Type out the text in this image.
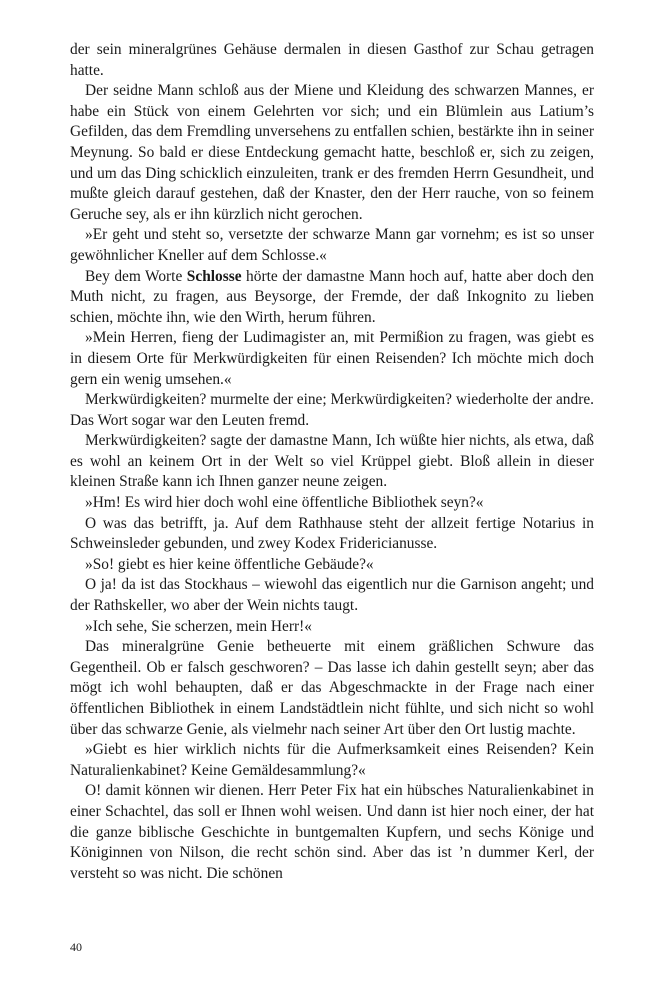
der sein mineralgrünes Gehäuse dermalen in diesen Gasthof zur Schau getragen hatte.

Der seidne Mann schloß aus der Miene und Kleidung des schwarzen Mannes, er habe ein Stück von einem Gelehrten vor sich; und ein Blümlein aus Latium’s Gefilden, das dem Fremdling unversehens zu entfallen schien, bestärkte ihn in seiner Meynung. So bald er diese Entdeckung gemacht hatte, beschloß er, sich zu zeigen, und um das Ding schicklich einzuleiten, trank er des fremden Herrn Gesundheit, und mußte gleich darauf gestehen, daß der Knaster, den der Herr rauche, von so feinem Geruche sey, als er ihn kürzlich nicht gerochen.

»Er geht und steht so, versetzte der schwarze Mann gar vornehm; es ist so unser gewöhnlicher Kneller auf dem Schlosse.«

Bey dem Worte Schlosse hörte der damastne Mann hoch auf, hatte aber doch den Muth nicht, zu fragen, aus Beysorge, der Fremde, der daß Inkognito zu lieben schien, möchte ihn, wie den Wirth, herum führen.

»Mein Herren, fieng der Ludimagister an, mit Permißion zu fragen, was giebt es in diesem Orte für Merkwürdigkeiten für einen Reisenden? Ich möchte mich doch gern ein wenig umsehen.«

Merkwürdigkeiten? murmelte der eine; Merkwürdigkeiten? wiederholte der andre. Das Wort sogar war den Leuten fremd.

Merkwürdigkeiten? sagte der damastne Mann, Ich wüßte hier nichts, als etwa, daß es wohl an keinem Ort in der Welt so viel Krüppel giebt. Bloß allein in dieser kleinen Straße kann ich Ihnen ganzer neune zeigen.

»Hm! Es wird hier doch wohl eine öffentliche Bibliothek seyn?«

O was das betrifft, ja. Auf dem Rathhause steht der allzeit fertige Notarius in Schweinsleder gebunden, und zwey Kodex Fridericianusse.

»So! giebt es hier keine öffentliche Gebäude?«

O ja! da ist das Stockhaus – wiewohl das eigentlich nur die Garnison angeht; und der Rathskeller, wo aber der Wein nichts taugt.

»Ich sehe, Sie scherzen, mein Herr!«

Das mineralgrüne Genie betheuerte mit einem gräßlichen Schwure das Gegentheil. Ob er falsch geschworen? – Das lasse ich dahin gestellt seyn; aber das mögt ich wohl behaupten, daß er das Abgeschmackte in der Frage nach einer öffentlichen Bibliothek in einem Landstädtlein nicht fühlte, und sich nicht so wohl über das schwarze Genie, als vielmehr nach seiner Art über den Ort lustig machte.

»Giebt es hier wirklich nichts für die Aufmerksamkeit eines Reisenden? Kein Naturalienkabinet? Keine Gemäldesammlung?«

O! damit können wir dienen. Herr Peter Fix hat ein hübsches Naturalienkabinet in einer Schachtel, das soll er Ihnen wohl weisen. Und dann ist hier noch einer, der hat die ganze biblische Geschichte in buntgemalten Kupfern, und sechs Könige und Königinnen von Nilson, die recht schön sind. Aber das ist ’n dummer Kerl, der versteht so was nicht. Die schönen

40
